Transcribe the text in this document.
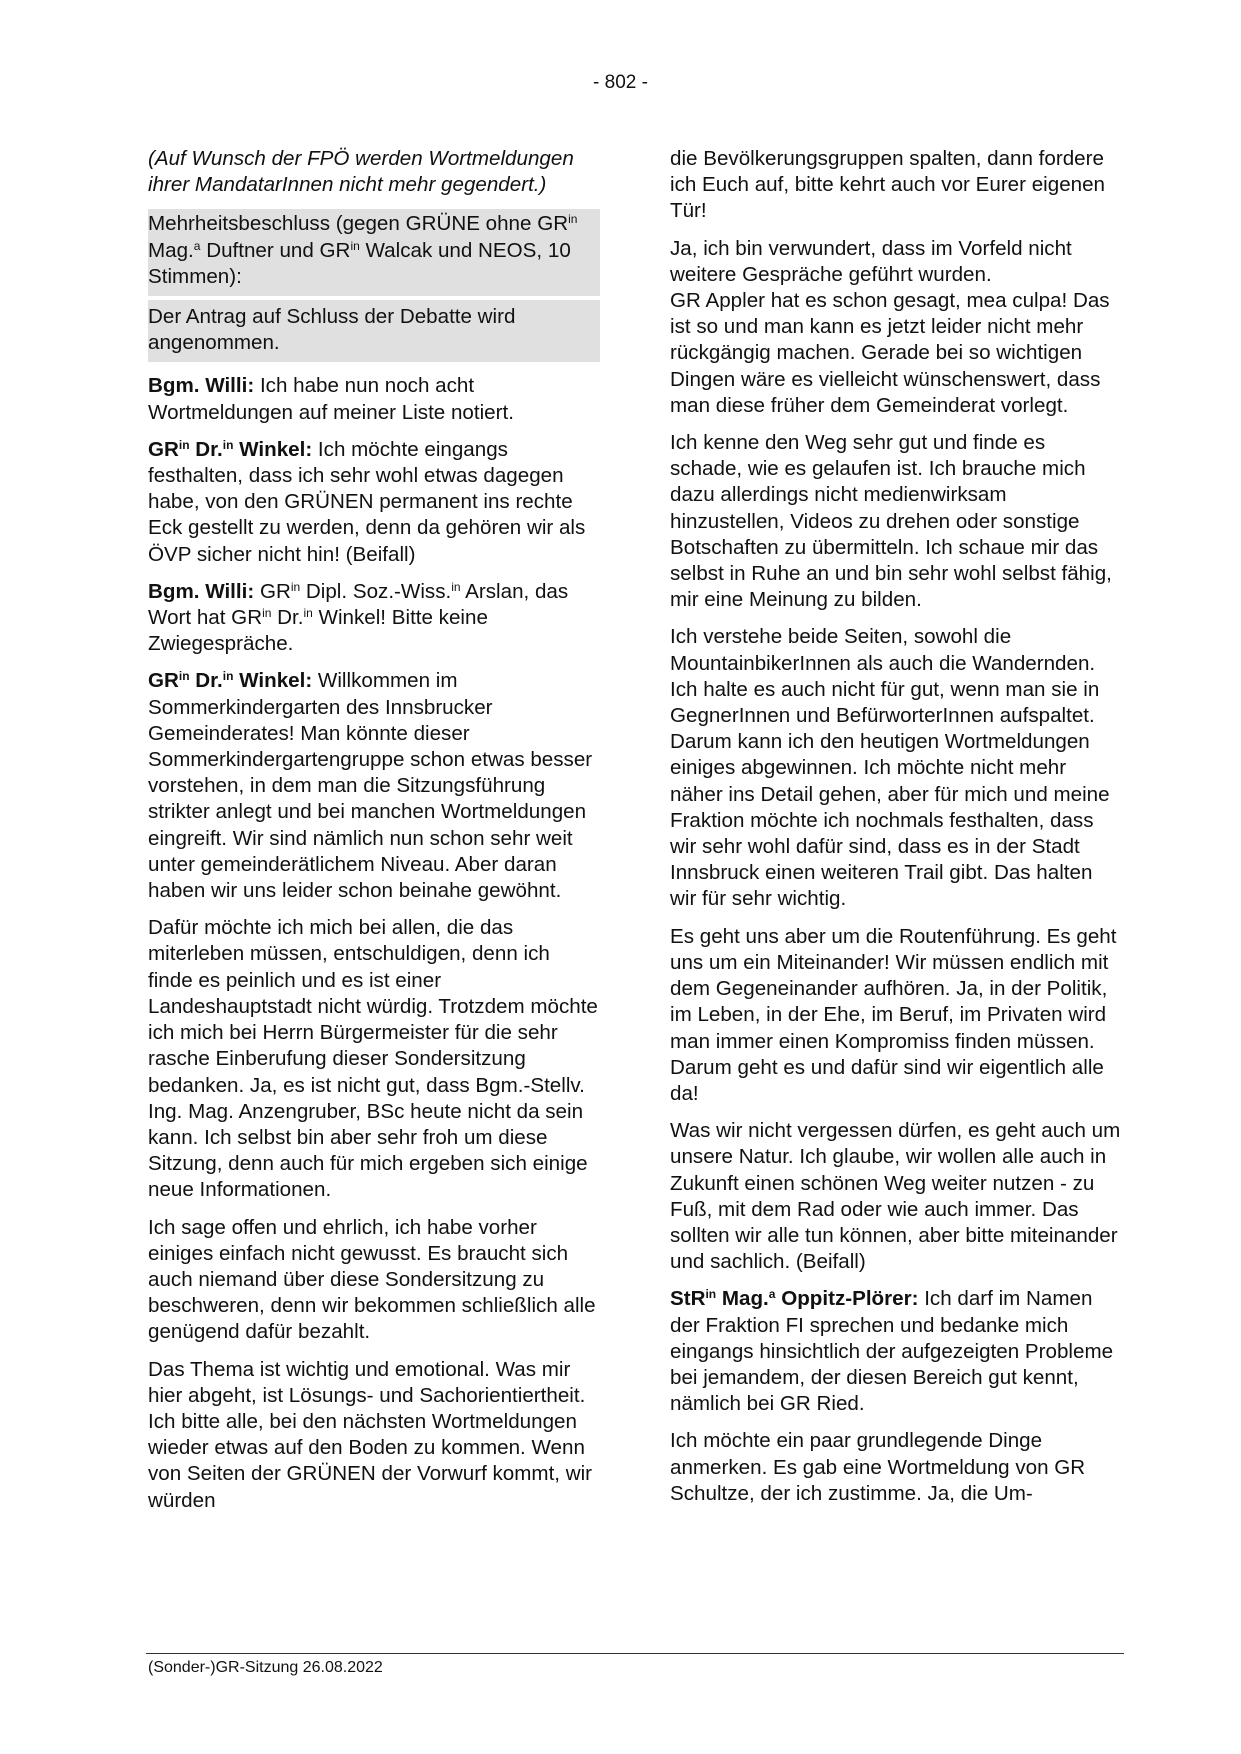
- 802 -

(Auf Wunsch der FPÖ werden Wortmeldungen ihrer MandatarInnen nicht mehr gegendert.)

Mehrheitsbeschluss (gegen GRÜNE ohne $GR^{in}$ Mag.$^a$ Duftner und $GR^{in}$ Walcak und NEOS, 10 Stimmen):

Der Antrag auf Schluss der Debatte wird angenommen.

Bgm. Willi: Ich habe nun noch acht Wortmeldungen auf meiner Liste notiert.

$GR^{in}$ Dr.$^{in}$ Winkel: Ich möchte eingangs festhalten, dass ich sehr wohl etwas dagegen habe, von den GRÜNEN permanent ins rechte Eck gestellt zu werden, denn da gehören wir als ÖVP sicher nicht hin! (Beifall)

Bgm. Willi: $GR^{in}$ Dipl. Soz.-Wiss.$^{in}$ Arslan, das Wort hat $GR^{in}$ Dr.$^{in}$ Winkel! Bitte keine Zwiegespräche.

$GR^{in}$ Dr.$^{in}$ Winkel: Willkommen im Sommerkindergarten des Innsbrucker Gemeinderates! Man könnte dieser Sommerkindergartengruppe schon etwas besser vorstehen, in dem man die Sitzungsführung strikter anlegt und bei manchen Wortmeldungen eingreift. Wir sind nämlich nun schon sehr weit unter gemeinderätlichem Niveau. Aber daran haben wir uns leider schon beinahe gewöhnt.

Dafür möchte ich mich bei allen, die das miterleben müssen, entschuldigen, denn ich finde es peinlich und es ist einer Landeshauptstadt nicht würdig. Trotzdem möchte ich mich bei Herrn Bürgermeister für die sehr rasche Einberufung dieser Sondersitzung bedanken. Ja, es ist nicht gut, dass Bgm.-Stellv. Ing. Mag. Anzengruber, BSc heute nicht da sein kann. Ich selbst bin aber sehr froh um diese Sitzung, denn auch für mich ergeben sich einige neue Informationen.

Ich sage offen und ehrlich, ich habe vorher einiges einfach nicht gewusst. Es braucht sich auch niemand über diese Sondersitzung zu beschweren, denn wir bekommen schließlich alle genügend dafür bezahlt.

Das Thema ist wichtig und emotional. Was mir hier abgeht, ist Lösungs- und Sachorientiertheit. Ich bitte alle, bei den nächsten Wortmeldungen wieder etwas auf den Boden zu kommen. Wenn von Seiten der GRÜNEN der Vorwurf kommt, wir würden

die Bevölkerungsgruppen spalten, dann fordere ich Euch auf, bitte kehrt auch vor Eurer eigenen Tür!

Ja, ich bin verwundert, dass im Vorfeld nicht weitere Gespräche geführt wurden.
GR Appler hat es schon gesagt, mea culpa! Das ist so und man kann es jetzt leider nicht mehr rückgängig machen. Gerade bei so wichtigen Dingen wäre es vielleicht wünschenswert, dass man diese früher dem Gemeinderat vorlegt.

Ich kenne den Weg sehr gut und finde es schade, wie es gelaufen ist. Ich brauche mich dazu allerdings nicht medienwirksam hinzustellen, Videos zu drehen oder sonstige Botschaften zu übermitteln. Ich schaue mir das selbst in Ruhe an und bin sehr wohl selbst fähig, mir eine Meinung zu bilden.

Ich verstehe beide Seiten, sowohl die MountainbikerInnen als auch die Wandernden. Ich halte es auch nicht für gut, wenn man sie in GegnerInnen und BefürworterInnen aufspaltet. Darum kann ich den heutigen Wortmeldungen einiges abgewinnen. Ich möchte nicht mehr näher ins Detail gehen, aber für mich und meine Fraktion möchte ich nochmals festhalten, dass wir sehr wohl dafür sind, dass es in der Stadt Innsbruck einen weiteren Trail gibt. Das halten wir für sehr wichtig.

Es geht uns aber um die Routenführung. Es geht uns um ein Miteinander! Wir müssen endlich mit dem Gegeneinander aufhören. Ja, in der Politik, im Leben, in der Ehe, im Beruf, im Privaten wird man immer einen Kompromiss finden müssen. Darum geht es und dafür sind wir eigentlich alle da!

Was wir nicht vergessen dürfen, es geht auch um unsere Natur. Ich glaube, wir wollen alle auch in Zukunft einen schönen Weg weiter nutzen - zu Fuß, mit dem Rad oder wie auch immer. Das sollten wir alle tun können, aber bitte miteinander und sachlich. (Beifall)

StR$^{in}$ Mag.$^a$ Oppitz-Plörer: Ich darf im Namen der Fraktion FI sprechen und bedanke mich eingangs hinsichtlich der aufgezeigten Probleme bei jemandem, der diesen Bereich gut kennt, nämlich bei GR Ried.

Ich möchte ein paar grundlegende Dinge anmerken. Es gab eine Wortmeldung von GR Schultze, der ich zustimme. Ja, die Um-

(Sonder-)GR-Sitzung 26.08.2022
